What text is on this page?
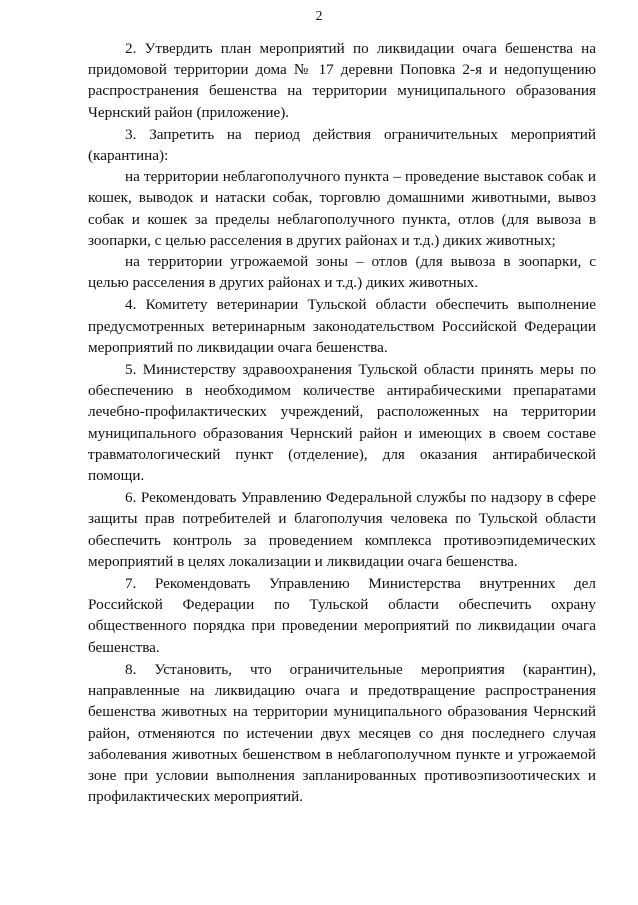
2

2. Утвердить план мероприятий по ликвидации очага бешенства на придомовой территории дома № 17 деревни Поповка 2-я и недопущению распространения бешенства на территории муниципального образования Чернский район (приложение).

3. Запретить на период действия ограничительных мероприятий (карантина):

на территории неблагополучного пункта – проведение выставок собак и кошек, выводок и натаски собак, торговлю домашними животными, вывоз собак и кошек за пределы неблагополучного пункта, отлов (для вывоза в зоопарки, с целью расселения в других районах и т.д.) диких животных;

на территории угрожаемой зоны – отлов (для вывоза в зоопарки, с целью расселения в других районах и т.д.) диких животных.

4. Комитету ветеринарии Тульской области обеспечить выполнение предусмотренных ветеринарным законодательством Российской Федерации мероприятий по ликвидации очага бешенства.

5. Министерству здравоохранения Тульской области принять меры по обеспечению в необходимом количестве антирабическими препаратами лечебно-профилактических учреждений, расположенных на территории муниципального образования Чернский район и имеющих в своем составе травматологический пункт (отделение), для оказания антирабической помощи.

6. Рекомендовать Управлению Федеральной службы по надзору в сфере защиты прав потребителей и благополучия человека по Тульской области обеспечить контроль за проведением комплекса противоэпидемических мероприятий в целях локализации и ликвидации очага бешенства.

7. Рекомендовать Управлению Министерства внутренних дел Российской Федерации по Тульской области обеспечить охрану общественного порядка при проведении мероприятий по ликвидации очага бешенства.

8. Установить, что ограничительные мероприятия (карантин), направленные на ликвидацию очага и предотвращение распространения бешенства животных на территории муниципального образования Чернский район, отменяются по истечении двух месяцев со дня последнего случая заболевания животных бешенством в неблагополучном пункте и угрожаемой зоне при условии выполнения запланированных противоэпизоотических и профилактических мероприятий.
